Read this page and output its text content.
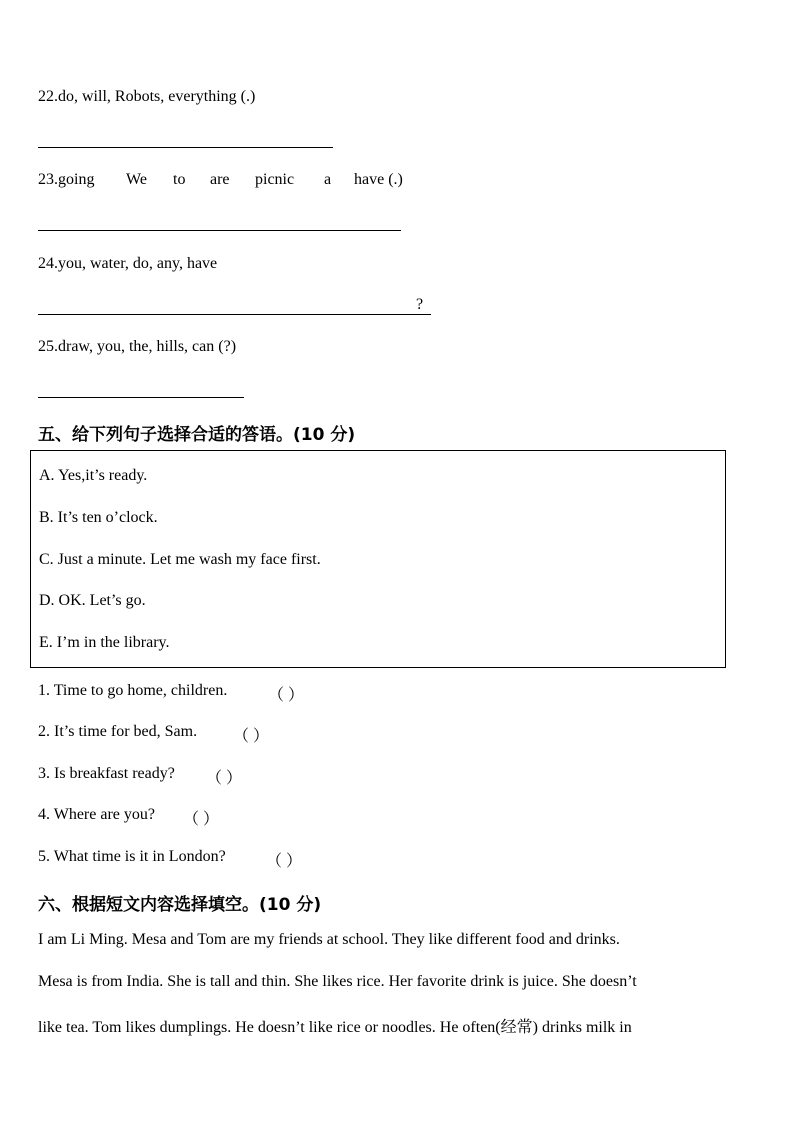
22.do, will, Robots, everything (.)
23.going We to are picnic a have (.)
24.you, water, do, any, have
?
25.draw, you, the, hills, can (?)
五、给下列句子选择合适的答语。(10 分)
A. Yes,it’s ready.
B. It’s ten o’clock.
C. Just a minute. Let me wash my face first.
D. OK. Let’s go.
E. I’m in the library.
1. Time to go home, children.	（ ）
2. It’s time for bed, Sam. （ ）
3. Is breakfast ready? （ ）
4. Where are you? （ ）
5. What time is it in London?	（ ）
六、根据短文内容选择填空。(10 分)
I am Li Ming. Mesa and Tom are my friends at school. They like different food and drinks.
Mesa is from India. She is tall and thin. She likes rice. Her favorite drink is juice. She doesn’t
like tea. Tom likes dumplings. He doesn’t like rice or noodles. He often(经常) drinks milk in
